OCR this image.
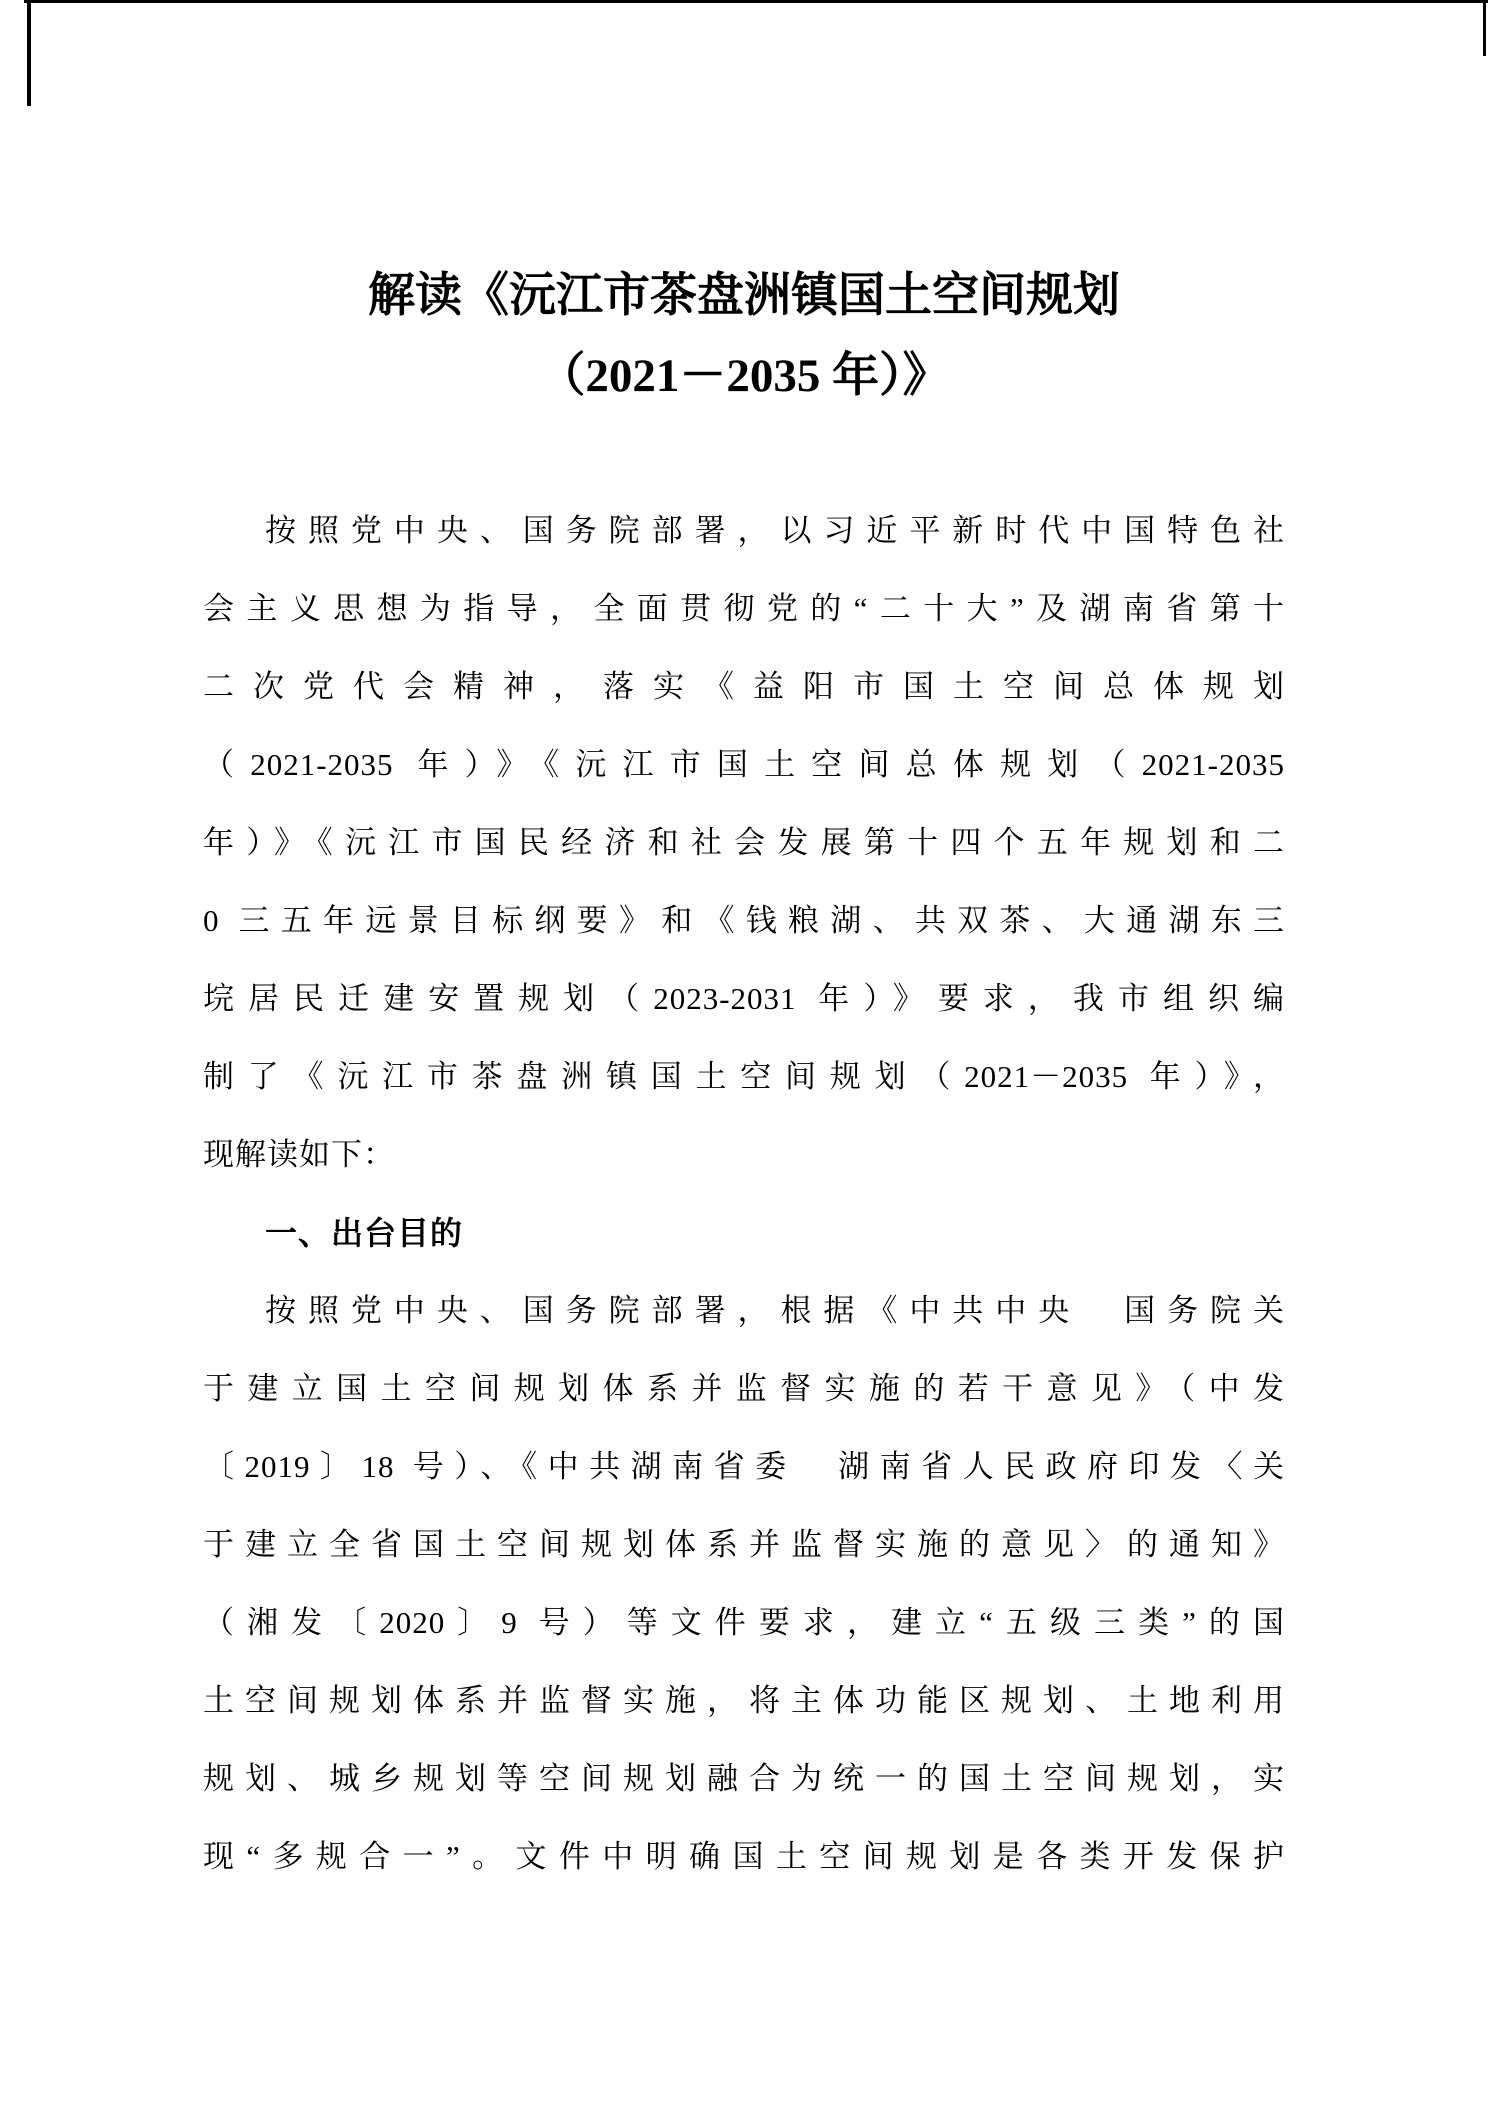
解读《沅江市茶盘洲镇国土空间规划
（2021－2035 年）》
按照党中央、国务院部署，以习近平新时代中国特色社
会主义思想为指导，全面贯彻党的“二十大”及湖南省第十
二次党代会精神，落实《益阳市国土空间总体规划
（2021-2035 年）》《沅江市国土空间总体规划（2021-2035
年）》《沅江市国民经济和社会发展第十四个五年规划和二
0 三五年远景目标纲要》和《钱粮湖、共双茶、大通湖东三
垸居民迁建安置规划（2023-2031 年）》要求，我市组织编
制了《沅江市茶盘洲镇国土空间规划（2021－2035 年）》，
现解读如下：
一、出台目的
按照党中央、国务院部署，根据《中共中央　国务院关
于建立国土空间规划体系并监督实施的若干意见》（中发
〔2019〕18 号）、《中共湖南省委　湖南省人民政府印发〈关
于建立全省国土空间规划体系并监督实施的意见〉的通知》
（湘发〔2020〕9 号）等文件要求，建立“五级三类”的国
土空间规划体系并监督实施，将主体功能区规划、土地利用
规划、城乡规划等空间规划融合为统一的国土空间规划，实
现“多规合一”。文件中明确国土空间规划是各类开发保护
